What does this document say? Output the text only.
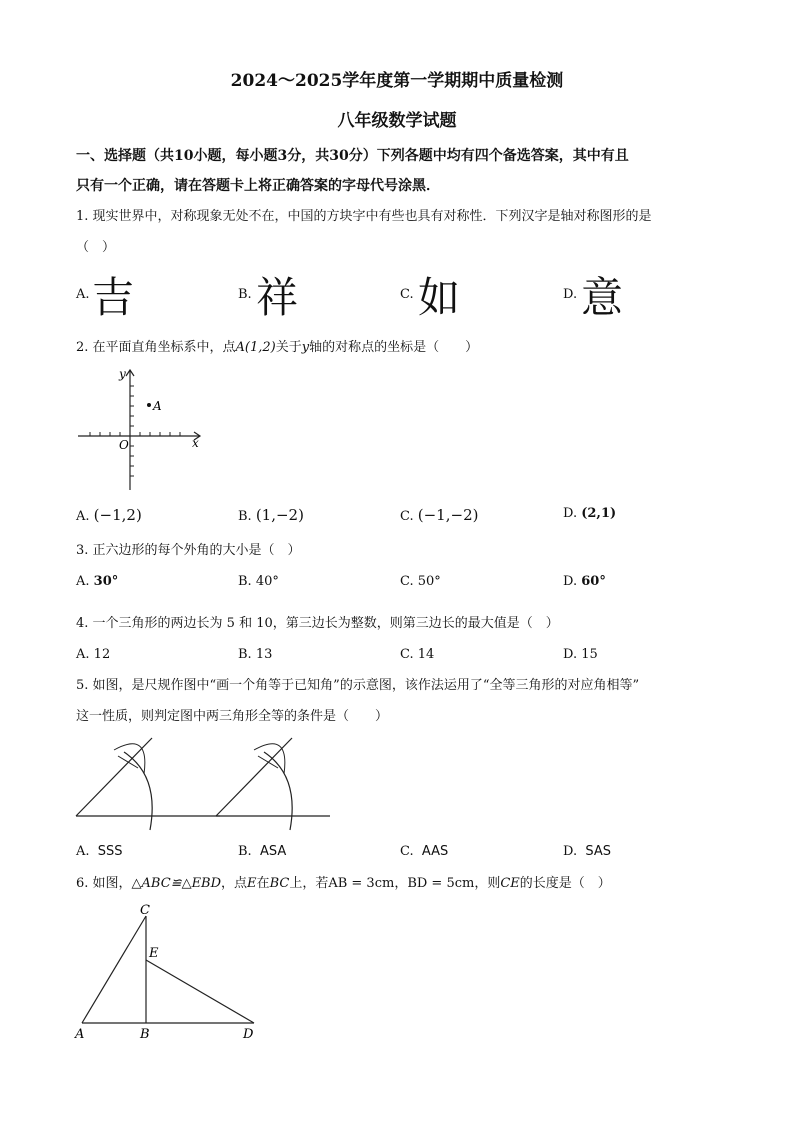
2024～2025学年度第一学期期中质量检测
八年级数学试题
一、选择题（共10小题，每小题3分，共30分）下列各题中均有四个备选答案，其中有且
只有一个正确，请在答题卡上将正确答案的字母代号涂黑．
1. 现实世界中，对称现象无处不在，中国的方块字中有些也具有对称性．下列汉字是轴对称图形的是
（　）
A. 吉	B. 祥	C. 如	D. 意
2. 在平面直角坐标系中，点A(1,2)关于y轴的对称点的坐标是（　　）
A
y
x
O
A. (−1,2)	B. (1,−2)	C. (−1,−2)	D. (2,1)
3. 正六边形的每个外角的大小是（　）
A. 30°	B. 40°	C. 50°	D. 60°
4. 一个三角形的两边长为 5 和 10，第三边长为整数，则第三边长的最大值是（　）
A. 12	B. 13	C. 14	D. 15
5. 如图，是尺规作图中“画一个角等于已知角”的示意图，该作法运用了“全等三角形的对应角相等”
这一性质，则判定图中两三角形全等的条件是（　　）
A. SSS	B. ASA	C. AAS	D. SAS
6. 如图，△ABC≌△EBD，点E在BC上，若AB = 3cm，BD = 5cm，则CE的长度是（　）
C
E
A	B	D
